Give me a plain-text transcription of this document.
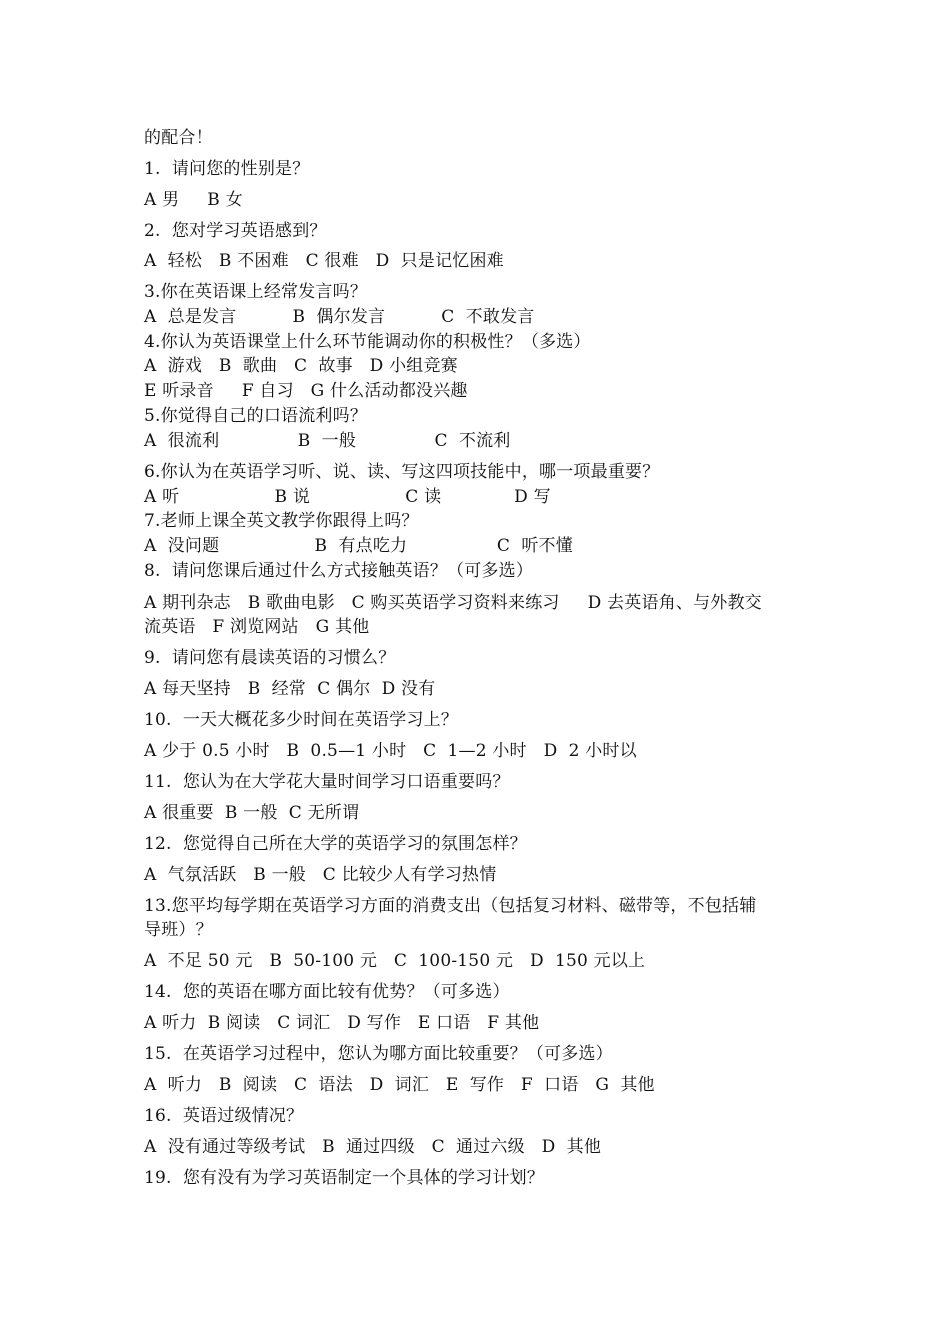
的配合！
1.  请问您的性别是？
A 男     B 女
2.  您对学习英语感到？
A  轻松   B 不困难   C 很难   D  只是记忆困难
3.你在英语课上经常发言吗？
A  总是发言          B  偶尔发言          C  不敢发言
4.你认为英语课堂上什么环节能调动你的积极性？（多选）
A  游戏   B  歌曲   C  故事   D 小组竞赛
E 听录音     F 自习   G 什么活动都没兴趣
5.你觉得自己的口语流利吗？
A  很流利              B  一般              C  不流利
6.你认为在英语学习听、说、读、写这四项技能中，哪一项最重要？
A 听                 B 说                 C 读             D 写
7.老师上课全英文教学你跟得上吗？
A  没问题                 B  有点吃力                C  听不懂
8.  请问您课后通过什么方式接触英语？（可多选）
A 期刊杂志   B 歌曲电影   C 购买英语学习资料来练习     D 去英语角、与外教交
流英语   F 浏览网站   G 其他
9.  请问您有晨读英语的习惯么？
A 每天坚持   B  经常  C 偶尔  D 没有
10.  一天大概花多少时间在英语学习上？
A 少于 0.5 小时   B  0.5—1 小时   C  1—2 小时   D  2 小时以
11.  您认为在大学花大量时间学习口语重要吗？
A 很重要  B 一般  C 无所谓
12.  您觉得自己所在大学的英语学习的氛围怎样？
A  气氛活跃   B 一般   C 比较少人有学习热情
13.您平均每学期在英语学习方面的消费支出（包括复习材料、磁带等，不包括辅
导班）？
A  不足 50 元   B  50-100 元   C  100-150 元   D  150 元以上
14.  您的英语在哪方面比较有优势？（可多选）
A 听力  B 阅读   C 词汇   D 写作   E 口语   F 其他
15.  在英语学习过程中，您认为哪方面比较重要？（可多选）
A  听力   B  阅读   C  语法   D  词汇   E  写作   F  口语   G  其他
16.  英语过级情况？
A  没有通过等级考试   B  通过四级   C  通过六级   D  其他
19.  您有没有为学习英语制定一个具体的学习计划？
